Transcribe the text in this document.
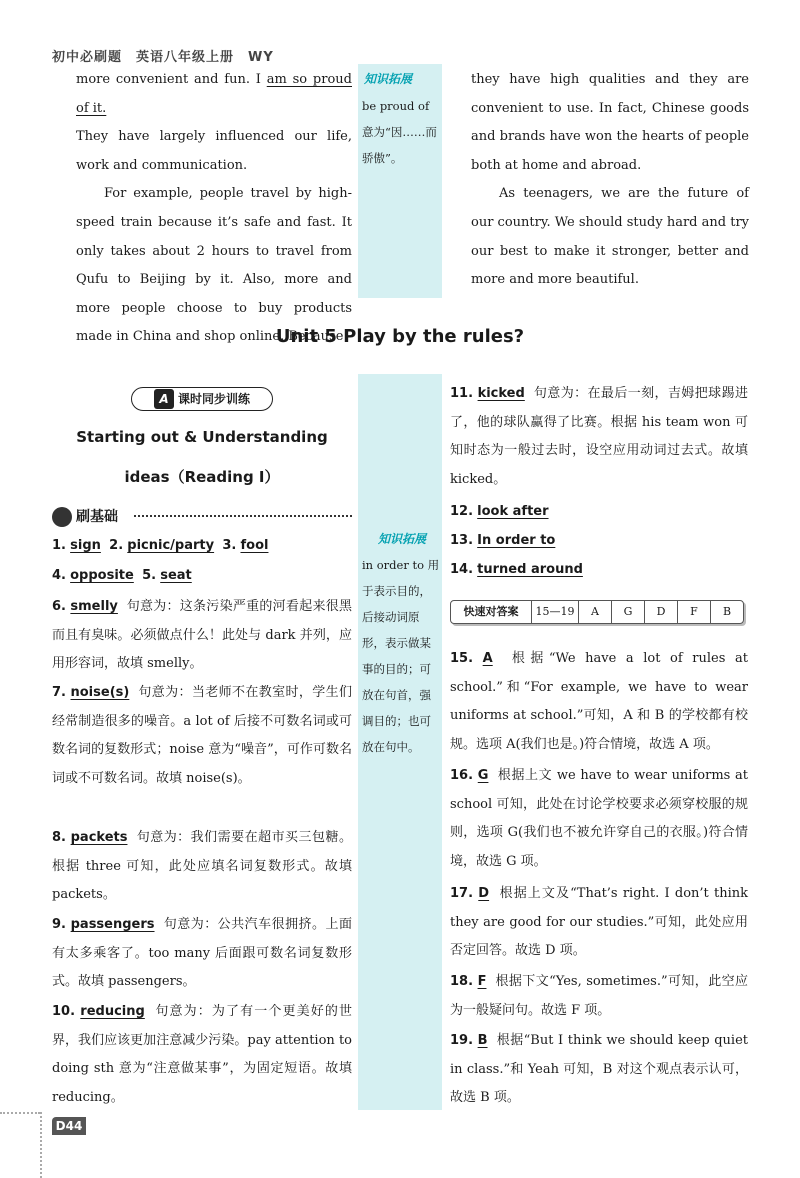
初中必刷题 英语八年级上册 WY

more convenient and fun. I am so proud of it.
They have largely influenced our life, work and communication.
For example, people travel by high-speed train because it’s safe and fast. It only takes about 2 hours to travel from Qufu to Beijing by it. Also, more and more people choose to buy products made in China and shop online. Because

知识拓展

be proud of 意为“因……而骄傲”。

they have high qualities and they are convenient to use. In fact, Chinese goods and brands have won the hearts of people both at home and abroad.
As teenagers, we are the future of our country. We should study hard and try our best to make it stronger, better and more and more beautiful.

Unit 5 Play by the rules?
A 课时同步训练
Starting out & Understanding
ideas（Reading Ⅰ）
刷基础
1. sign 2. picnic/party 3. fool
4. opposite 5. seat

6. smelly 句意为：这条污染严重的河看起来很黑而且有臭味。必须做点什么！此处与 dark 并列，应用形容词，故填 smelly。

7. noise(s) 句意为：当老师不在教室时，学生们经常制造很多的噪音。a lot of 后接不可数名词或可数名词的复数形式；noise 意为“噪音”，可作可数名词或不可数名词。故填 noise(s)。

8. packets 句意为：我们需要在超市买三包糖。根据 three 可知，此处应填名词复数形式。故填 packets。

9. passengers 句意为：公共汽车很拥挤。上面有太多乘客了。too many 后面跟可数名词复数形式。故填 passengers。

10. reducing 句意为：为了有一个更美好的世界，我们应该更加注意减少污染。pay attention to doing sth 意为“注意做某事”，为固定短语。故填 reducing。

知识拓展

in order to 用于表示目的，后接动词原形，表示做某事的目的；可放在句首，强调目的；也可放在句中。

11. kicked 句意为：在最后一刻，吉姆把球踢进了，他的球队赢得了比赛。根据 his team won 可知时态为一般过去时，设空应用动词过去式。故填 kicked。

12. look after
13. In order to
14. turned around
快速对答案	15—19	A	G	D	F	B

15. A 根据“We have a lot of rules at school.”和“For example, we have to wear uniforms at school.”可知，A 和 B 的学校都有校规。选项 A(我们也是。)符合情境，故选 A 项。

16. G 根据上文 we have to wear uniforms at school 可知，此处在讨论学校要求必须穿校服的规则，选项 G(我们也不被允许穿自己的衣服。)符合情境，故选 G 项。

17. D 根据上文及“That’s right. I don’t think they are good for our studies.”可知，此处应用否定回答。故选 D 项。

18. F 根据下文“Yes, sometimes.”可知，此空应为一般疑问句。故选 F 项。

19. B 根据“But I think we should keep quiet in class.”和 Yeah 可知，B 对这个观点表示认可，故选 B 项。

D44
